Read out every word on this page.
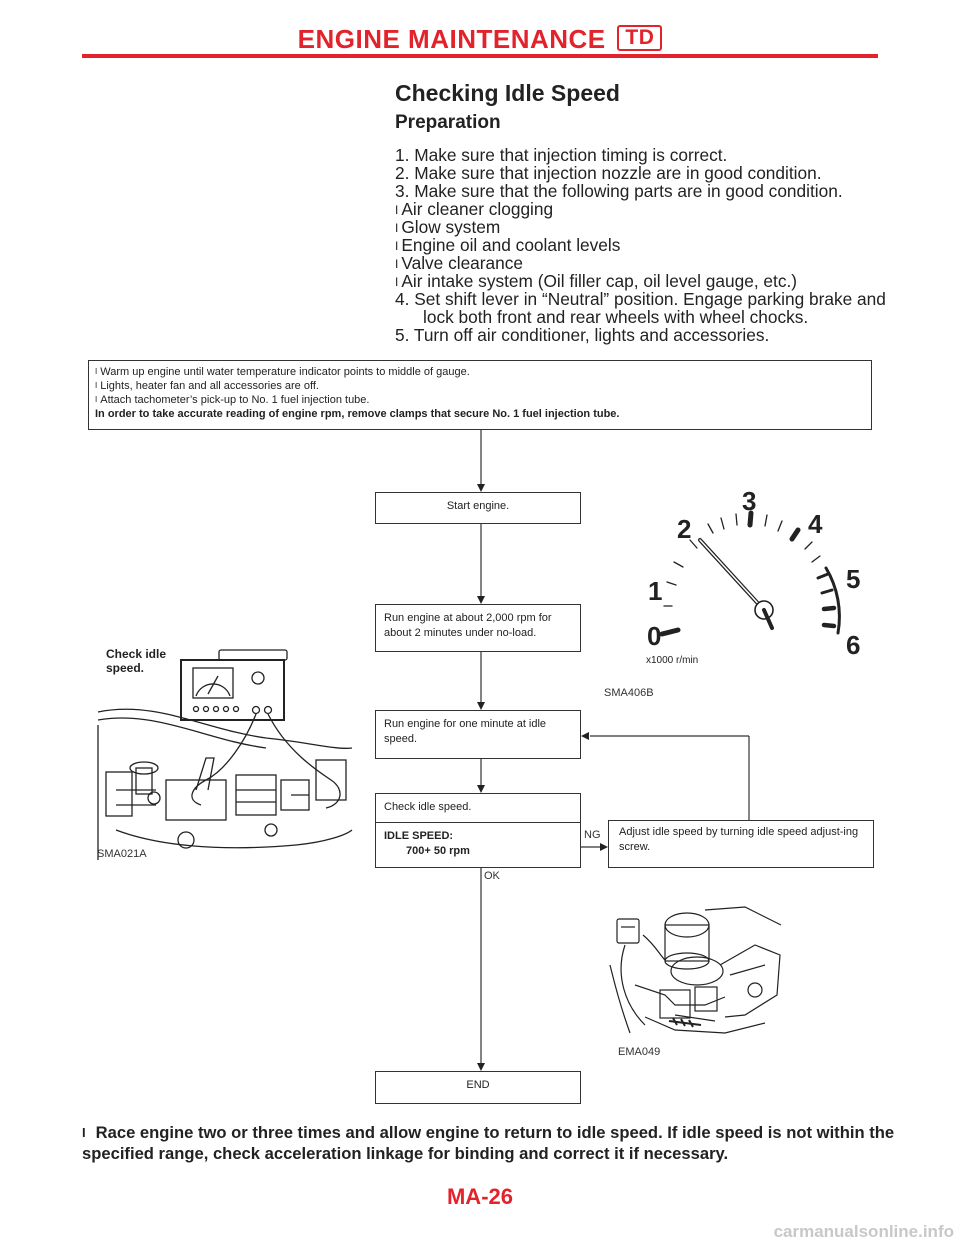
ENGINE MAINTENANCE TD
Checking Idle Speed
Preparation
1. Make sure that injection timing is correct.
2. Make sure that injection nozzle are in good condition.
3. Make sure that the following parts are in good condition.
I Air cleaner clogging
I Glow system
I Engine oil and coolant levels
I Valve clearance
I Air intake system (Oil filler cap, oil level gauge, etc.)
4. Set shift lever in “Neutral” position. Engage parking brake and
lock both front and rear wheels with wheel chocks.
5. Turn off air conditioner, lights and accessories.
I Warm up engine until water temperature indicator points to middle of gauge.
I Lights, heater fan and all accessories are off.
I Attach tachometer’s pick-up to No. 1 fuel injection tube.
In order to take accurate reading of engine rpm, remove clamps that secure No. 1 fuel injection tube.
Start engine.
Run engine at about 2,000 rpm for about 2 minutes under no-load.
Run engine for one minute at idle speed.
Check idle speed.
IDLE SPEED:
700+ 50 rpm
NG
OK
Adjust idle speed by turning idle speed adjust-ing screw.
END
0
1
2
3
4
5
6
x1000 r/min
SMA406B
Check idle
speed.
SMA021A
EMA049
I Race engine two or three times and allow engine to return to idle speed. If idle speed is not within the specified range, check acceleration linkage for binding and correct it if necessary.
MA-26
carmanualsonline.info
